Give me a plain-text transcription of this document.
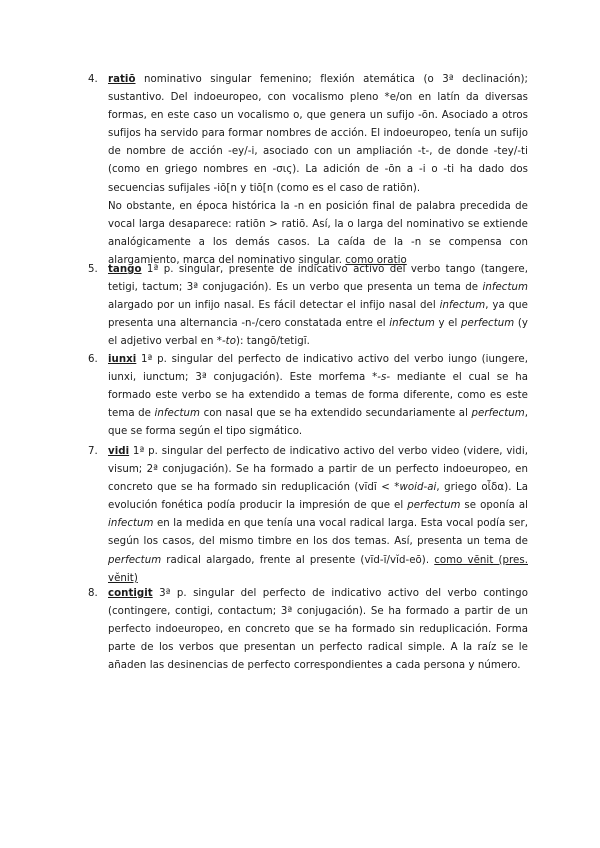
4. ratiō nominativo singular femenino; flexión atemática (o 3ª declinación); sustantivo. Del indoeuropeo, con vocalismo pleno *e/on en latín da diversas formas, en este caso un vocalismo o, que genera un sufijo -ōn. Asociado a otros sufijos ha servido para formar nombres de acción. El indoeuropeo, tenía un sufijo de nombre de acción -ey/-i, asociado con un ampliación -t-, de donde -tey/-ti (como en griego nombres en -σις). La adición de -ōn a -i o -ti ha dado dos secuencias sufijales -iō[n y tiō[n (como es el caso de ratiōn).
No obstante, en época histórica la -n en posición final de palabra precedida de vocal larga desaparece: ratiōn > ratiō. Así, la o larga del nominativo se extiende analógicamente a los demás casos. La caída de la -n se compensa con alargamiento, marca del nominativo singular. como oratio
5. tango 1ª p. singular, presente de indicativo activo del verbo tango (tangere, tetigi, tactum; 3ª conjugación). Es un verbo que presenta un tema de infectum alargado por un infijo nasal. Es fácil detectar el infijo nasal del infectum, ya que presenta una alternancia -n-/cero constatada entre el infectum y el perfectum (y el adjetivo verbal en *-to): tangō/tetigī.
6. iunxi 1ª p. singular del perfecto de indicativo activo del verbo iungo (iungere, iunxi, iunctum; 3ª conjugación). Este morfema *-s- mediante el cual se ha formado este verbo se ha extendido a temas de forma diferente, como es este tema de infectum con nasal que se ha extendido secundariamente al perfectum, que se forma según el tipo sigmático.
7. vidi 1ª p. singular del perfecto de indicativo activo del verbo video (videre, vidi, visum; 2ª conjugación). Se ha formado a partir de un perfecto indoeuropeo, en concreto que se ha formado sin reduplicación (vīdī < *woid-ai, griego οἶδα). La evolución fonética podía producir la impresión de que el perfectum se oponía al infectum en la medida en que tenía una vocal radical larga. Esta vocal podía ser, según los casos, del mismo timbre en los dos temas. Así, presenta un tema de perfectum radical alargado, frente al presente (vīd-ī/vĭd-eō). como vēnit (pres. vĕnit)
8. contigit 3ª p. singular del perfecto de indicativo activo del verbo contingo (contingere, contigi, contactum; 3ª conjugación). Se ha formado a partir de un perfecto indoeuropeo, en concreto que se ha formado sin reduplicación. Forma parte de los verbos que presentan un perfecto radical simple. A la raíz se le añaden las desinencias de perfecto correspondientes a cada persona y número.
